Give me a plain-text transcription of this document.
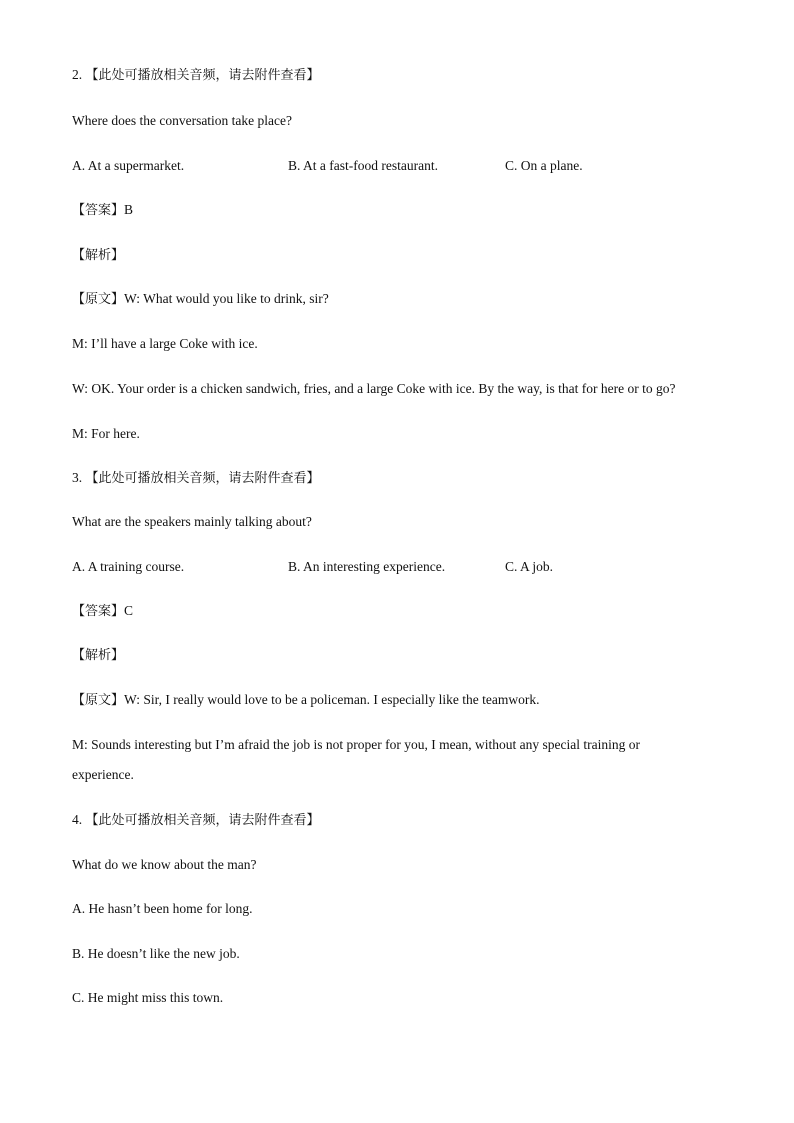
2. 【此处可播放相关音频，请去附件查看】
Where does the conversation take place?
A. At a supermarket.	B. At a fast-food restaurant.	C. On a plane.
【答案】B
【解析】
【原文】W: What would you like to drink, sir?
M: I’ll have a large Coke with ice.
W: OK. Your order is a chicken sandwich, fries, and a large Coke with ice. By the way, is that for here or to go?
M: For here.
3. 【此处可播放相关音频，请去附件查看】
What are the speakers mainly talking about?
A. A training course.	B. An interesting experience.	C. A job.
【答案】C
【解析】
【原文】W: Sir, I really would love to be a policeman. I especially like the teamwork.
M: Sounds interesting but I’m afraid the job is not proper for you, I mean, without any special training or
experience.
4. 【此处可播放相关音频，请去附件查看】
What do we know about the man?
A. He hasn’t been home for long.
B. He doesn’t like the new job.
C. He might miss this town.
